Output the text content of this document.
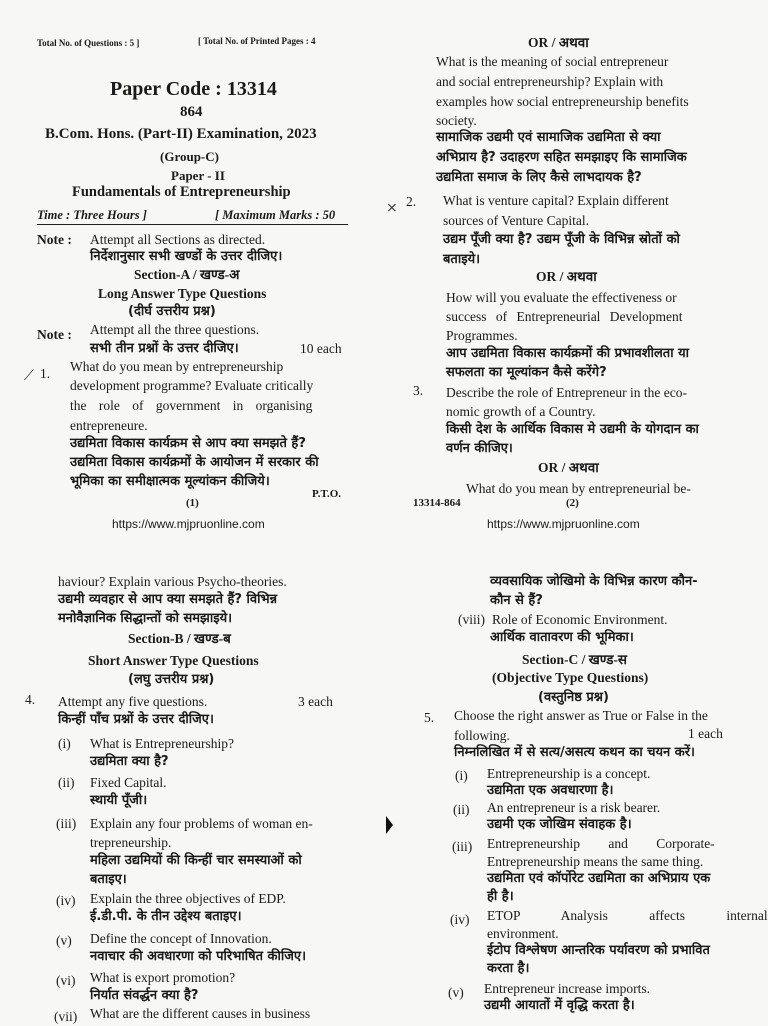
Total No. of Questions : 5 ]	[ Total No. of Printed Pages : 4
Paper Code : 13314
864
B.Com. Hons. (Part-II) Examination, 2023
(Group-C)
Paper - II
Fundamentals of Entrepreneurship
Time : Three Hours ]	[ Maximum Marks : 50
Note : Attempt all Sections as directed.
निर्देशानुसार सभी खण्डों के उत्तर दीजिए।
Section-A / खण्ड-अ
Long Answer Type Questions
(दीर्घ उत्तरीय प्रश्न)
Note : Attempt all the three questions.
सभी तीन प्रश्नों के उत्तर दीजिए।	10 each
⟋ 1. What do you mean by entrepreneurship
development programme? Evaluate critically
the role of government in organising
entrepreneure.
उद्यमिता विकास कार्यक्रम से आप क्या समझते हैं?
उद्यमिता विकास कार्यक्रमों के आयोजन में सरकार की
भूमिका का समीक्षात्मक मूल्यांकन कीजिये।
P.T.O.
(1)
https://www.mjpruonline.com
OR / अथवा
What is the meaning of social entrepreneur
and social entrepreneurship? Explain with
examples how social entrepreneurship benefits
society.
सामाजिक उद्यमी एवं सामाजिक उद्यमिता से क्या
अभिप्राय है? उदाहरण सहित समझाइए कि सामाजिक
उद्यमिता समाज के लिए कैसे लाभदायक है?
⨯ 2. What is venture capital? Explain different
sources of Venture Capital.
उद्यम पूँजी क्या है? उद्यम पूँजी के विभिन्न स्रोतों को
बताइये।
OR / अथवा
How will you evaluate the effectiveness or
success of Entrepreneurial Development
Programmes.
आप उद्यमिता विकास कार्यक्रमों की प्रभावशीलता या
सफलता का मूल्यांकन कैसे करेंगे?
3. Describe the role of Entrepreneur in the eco-
nomic growth of a Country.
किसी देश के आर्थिक विकास मे उद्यमी के योगदान का
वर्णन कीजिए।
OR / अथवा
What do you mean by entrepreneurial be-
13314-864	(2)
https://www.mjpruonline.com
haviour? Explain various Psycho-theories.
उद्यमी व्यवहार से आप क्या समझते हैं? विभिन्न
मनोवैज्ञानिक सिद्धान्तों को समझाइये।
Section-B / खण्ड-ब
Short Answer Type Questions
(लघु उत्तरीय प्रश्न)
4. Attempt any five questions.	3 each
किन्हीं पाँच प्रश्नों के उत्तर दीजिए।
(i) What is Entrepreneurship?
उद्यमिता क्या है?
(ii) Fixed Capital.
स्थायी पूँजी।
(iii) Explain any four problems of woman en-
trepreneurship.
महिला उद्यमियों की किन्हीं चार समस्याओं को
बताइए।
(iv) Explain the three objectives of EDP.
ई.डी.पी. के तीन उद्देश्य बताइए।
(v) Define the concept of Innovation.
नवाचार की अवधारणा को परिभाषित कीजिए।
(vi) What is export promotion?
निर्यात संवर्द्धन क्या है?
(vii) What are the different causes in business
व्यवसायिक जोखिमो के विभिन्न कारण कौन-
कौन से हैं?
(viii) Role of Economic Environment.
आर्थिक वातावरण की भूमिका।
Section-C / खण्ड-स
(Objective Type Questions)
(वस्तुनिष्ठ प्रश्न)
5. Choose the right answer as True or False in the
following.	1 each
निम्नलिखित में से सत्य/असत्य कथन का चयन करें।
(i) Entrepreneurship is a concept.
उद्यमिता एक अवधारणा है।
(ii) An entrepreneur is a risk bearer.
उद्यमी एक जोखिम संवाहक है।
(iii) Entrepreneurship and Corporate-
Entrepreneurship means the same thing.
उद्यमिता एवं कॉर्पोरेट उद्यमिता का अभिप्राय एक
ही है।
(iv) ETOP Analysis affects internal
environment.
ईटोप विश्लेषण आन्तरिक पर्यावरण को प्रभावित
करता है।
(v) Entrepreneur increase imports.
उद्यमी आयातों में वृद्धि करता है।
